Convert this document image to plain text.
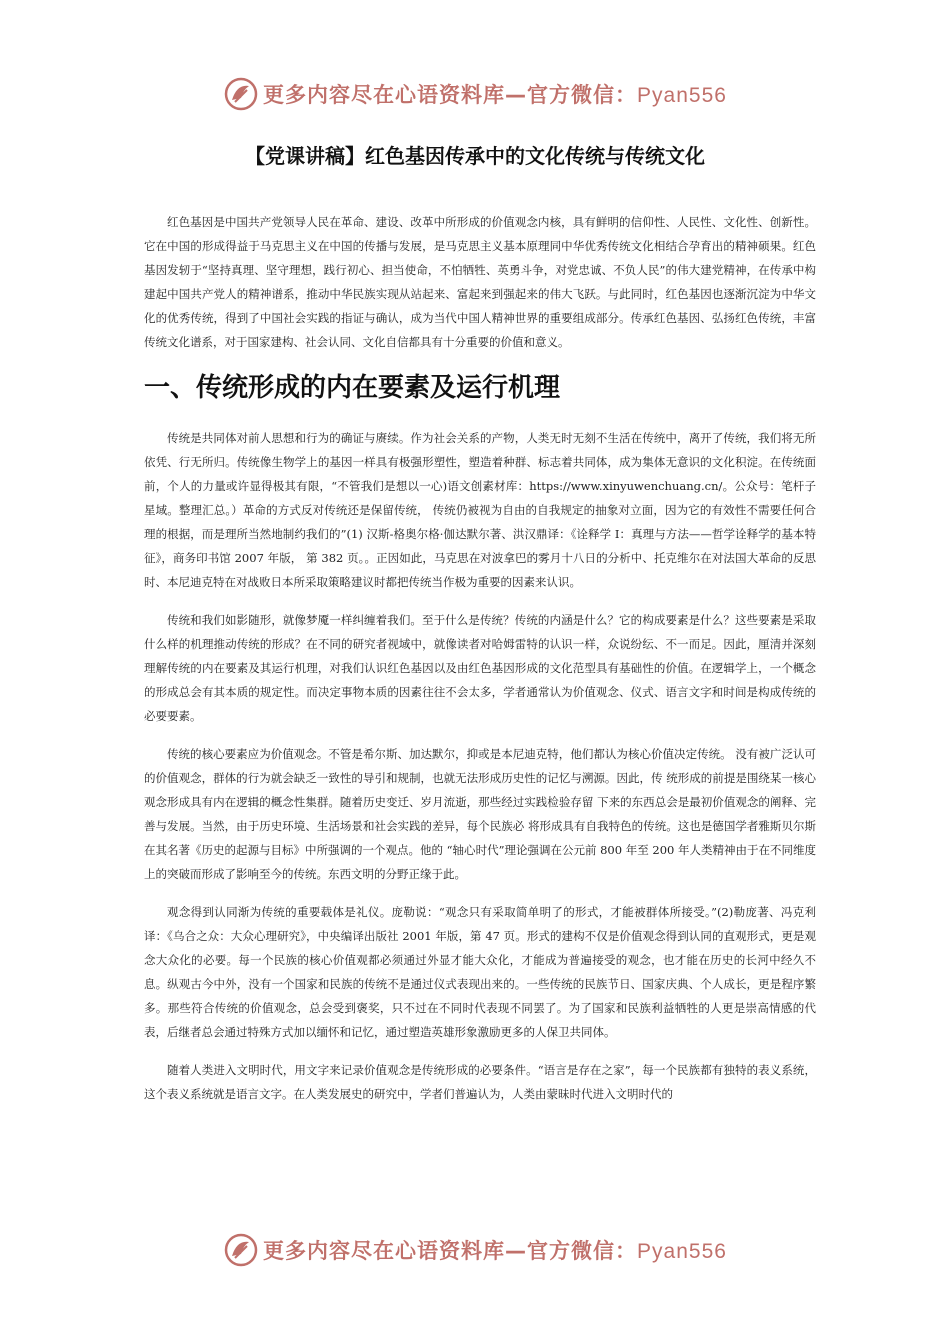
更多内容尽在心语资料库—官方微信：Pyan556
【党课讲稿】红色基因传承中的文化传统与传统文化

红色基因是中国共产党领导人民在革命、建设、改革中所形成的价值观念内核，具有鲜明的信仰性、人民性、文化性、创新性。它在中国的形成得益于马克思主义在中国的传播与发展，是马克思主义基本原理同中华优秀传统文化相结合孕育出的精神硕果。红色基因发轫于“坚持真理、坚守理想，践行初心、担当使命，不怕牺牲、英勇斗争，对党忠诚、不负人民”的伟大建党精神，在传承中构建起中国共产党人的精神谱系，推动中华民族实现从站起来、富起来到强起来的伟大飞跃。与此同时，红色基因也逐渐沉淀为中华文化的优秀传统，得到了中国社会实践的指证与确认，成为当代中国人精神世界的重要组成部分。传承红色基因、弘扬红色传统，丰富传统文化谱系，对于国家建构、社会认同、文化自信都具有十分重要的价值和意义。

一、传统形成的内在要素及运行机理

传统是共同体对前人思想和行为的确证与赓续。作为社会关系的产物，人类无时无刻不生活在传统中，离开了传统，我们将无所依凭、行无所归。传统像生物学上的基因一样具有极强形塑性，塑造着种群、标志着共同体，成为集体无意识的文化积淀。在传统面前，个人的力量或许显得极其有限，“不管我们是想以一心)语文创素材库：https://www.xinyuwenchuang.cn/。公众号：笔杆子星域。整理汇总。）革命的方式反对传统还是保留传统， 传统仍被视为自由的自我规定的抽象对立面，因为它的有效性不需要任何合理的根据，而是理所当然地制约我们的”(1) 汉斯-格奥尔格·伽达默尔著、洪汉鼎译：《诠释学 I：真理与方法——哲学诠释学的基本特征》，商务印书馆 2007 年版， 第 382 页。。正因如此，马克思在对波拿巴的雾月十八日的分析中、托克维尔在对法国大革命的反思时、本尼迪克特在对战败日本所采取策略建议时都把传统当作极为重要的因素来认识。

传统和我们如影随形，就像梦魇一样纠缠着我们。至于什么是传统？传统的内涵是什么？它的构成要素是什么？这些要素是采取什么样的机理推动传统的形成？在不同的研究者视域中，就像读者对哈姆雷特的认识一样，众说纷纭、不一而足。因此，厘清并深刻理解传统的内在要素及其运行机理，对我们认识红色基因以及由红色基因形成的文化范型具有基础性的价值。在逻辑学上，一个概念的形成总会有其本质的规定性。而决定事物本质的因素往往不会太多，学者通常认为价值观念、仪式、语言文字和时间是构成传统的必要要素。

传统的核心要素应为价值观念。不管是希尔斯、加达默尔，抑或是本尼迪克特，他们都认为核心价值决定传统。 没有被广泛认可的价值观念，群体的行为就会缺乏一致性的导引和规制，也就无法形成历史性的记忆与溯源。因此，传 统形成的前提是围绕某一核心观念形成具有内在逻辑的概念性集群。随着历史变迁、岁月流逝，那些经过实践检验存留 下来的东西总会是最初价值观念的阐释、完善与发展。当然，由于历史环境、生活场景和社会实践的差异，每个民族必 将形成具有自我特色的传统。这也是德国学者雅斯贝尔斯在其名著《历史的起源与目标》中所强调的一个观点。他的 “轴心时代”理论强调在公元前 800 年至 200 年人类精神由于在不同维度上的突破而形成了影响至今的传统。东西文明的分野正缘于此。

观念得到认同渐为传统的重要载体是礼仪。庞勒说：“观念只有采取简单明了的形式，才能被群体所接受。”(2)勒庞著、冯克利译：《乌合之众：大众心理研究》，中央编译出版社 2001 年版，第 47 页。形式的建构不仅是价值观念得到认同的直观形式，更是观念大众化的必要。每一个民族的核心价值观都必须通过外显才能大众化，才能成为普遍接受的观念，也才能在历史的长河中经久不息。纵观古今中外，没有一个国家和民族的传统不是通过仪式表现出来的。一些传统的民族节日、国家庆典、个人成长，更是程序繁多。那些符合传统的价值观念，总会受到褒奖，只不过在不同时代表现不同罢了。为了国家和民族利益牺牲的人更是崇高情感的代表，后继者总会通过特殊方式加以缅怀和记忆，通过塑造英雄形象激励更多的人保卫共同体。

随着人类进入文明时代，用文字来记录价值观念是传统形成的必要条件。“语言是存在之家”，每一个民族都有独特的表义系统，这个表义系统就是语言文字。在人类发展史的研究中，学者们普遍认为，人类由蒙昧时代进入文明时代的

更多内容尽在心语资料库—官方微信：Pyan556
